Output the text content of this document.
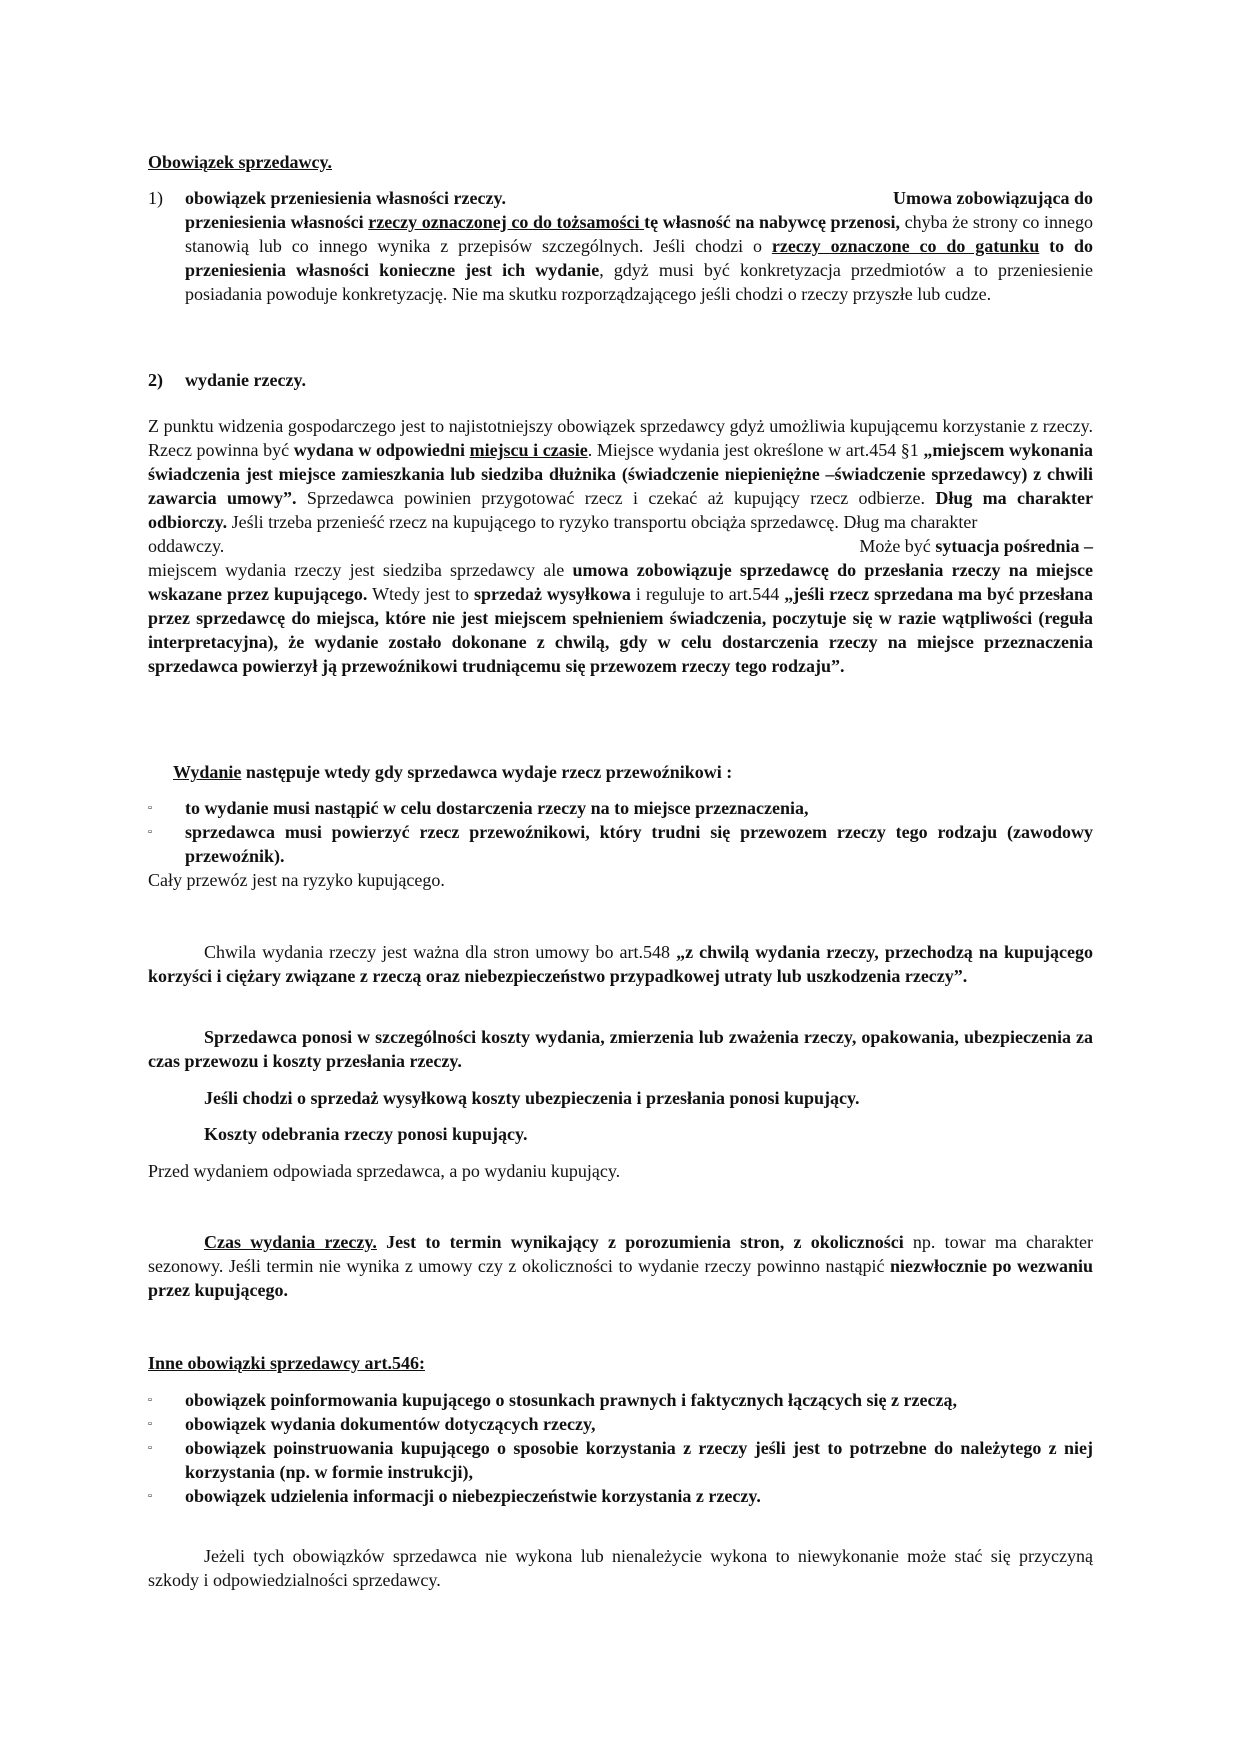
Obowiązek sprzedawcy.
1) obowiązek przeniesienia własności rzeczy.	Umowa zobowiązująca do
przeniesienia własności rzeczy oznaczonej co do tożsamości tę własność na nabywcę przenosi, chyba że strony co innego stanowią lub co innego wynika z przepisów szczególnych. Jeśli chodzi o rzeczy oznaczone co do gatunku to do przeniesienia własności konieczne jest ich wydanie, gdyż musi być konkretyzacja przedmiotów a to przeniesienie posiadania powoduje konkretyzację. Nie ma skutku rozporządzającego jeśli chodzi o rzeczy przyszłe lub cudze.
2) wydanie rzeczy.
Z punktu widzenia gospodarczego jest to najistotniejszy obowiązek sprzedawcy gdyż umożliwia kupującemu korzystanie z rzeczy. Rzecz powinna być wydana w odpowiedni miejscu i czasie. Miejsce wydania jest określone w art.454 §1 „miejscem wykonania świadczenia jest miejsce zamieszkania lub siedziba dłużnika (świadczenie niepieniężne –świadczenie sprzedawcy) z chwili zawarcia umowy”. Sprzedawca powinien przygotować rzecz i czekać aż kupujący rzecz odbierze. Dług ma charakter odbiorczy. Jeśli trzeba przenieść rzecz na kupującego to ryzyko transportu obciąża sprzedawcę. Dług ma charakter
oddawczy.	Może być sytuacja pośrednia –
miejscem wydania rzeczy jest siedziba sprzedawcy ale umowa zobowiązuje sprzedawcę do przesłania rzeczy na miejsce wskazane przez kupującego. Wtedy jest to sprzedaż wysyłkowa i reguluje to art.544 „jeśli rzecz sprzedana ma być przesłana przez sprzedawcę do miejsca, które nie jest miejscem spełnieniem świadczenia, poczytuje się w razie wątpliwości (reguła interpretacyjna), że wydanie zostało dokonane z chwilą, gdy w celu dostarczenia rzeczy na miejsce przeznaczenia sprzedawca powierzył ją przewoźnikowi trudniącemu się przewozem rzeczy tego rodzaju”.
Wydanie następuje wtedy gdy sprzedawca wydaje rzecz przewoźnikowi :
▫ to wydanie musi nastąpić w celu dostarczenia rzeczy na to miejsce przeznaczenia,
▫ sprzedawca musi powierzyć rzecz przewoźnikowi, który trudni się przewozem rzeczy tego rodzaju (zawodowy przewoźnik).
Cały przewóz jest na ryzyko kupującego.
Chwila wydania rzeczy jest ważna dla stron umowy bo art.548 „z chwilą wydania rzeczy, przechodzą na kupującego korzyści i ciężary związane z rzeczą oraz niebezpieczeństwo przypadkowej utraty lub uszkodzenia rzeczy”.
Sprzedawca ponosi w szczególności koszty wydania, zmierzenia lub zważenia rzeczy, opakowania, ubezpieczenia za czas przewozu i koszty przesłania rzeczy.
Jeśli chodzi o sprzedaż wysyłkową koszty ubezpieczenia i przesłania ponosi kupujący.
Koszty odebrania rzeczy ponosi kupujący.
Przed wydaniem odpowiada sprzedawca, a po wydaniu kupujący.
Czas wydania rzeczy. Jest to termin wynikający z porozumienia stron, z okoliczności np. towar ma charakter sezonowy. Jeśli termin nie wynika z umowy czy z okoliczności to wydanie rzeczy powinno nastąpić niezwłocznie po wezwaniu przez kupującego.
Inne obowiązki sprzedawcy art.546:
▫ obowiązek poinformowania kupującego o stosunkach prawnych i faktycznych łączących się z rzeczą,
▫ obowiązek wydania dokumentów dotyczących rzeczy,
▫ obowiązek poinstruowania kupującego o sposobie korzystania z rzeczy jeśli jest to potrzebne do należytego z niej korzystania (np. w formie instrukcji),
▫ obowiązek udzielenia informacji o niebezpieczeństwie korzystania z rzeczy.
Jeżeli tych obowiązków sprzedawca nie wykona lub nienależycie wykona to niewykonanie może stać się przyczyną szkody i odpowiedzialności sprzedawcy.
